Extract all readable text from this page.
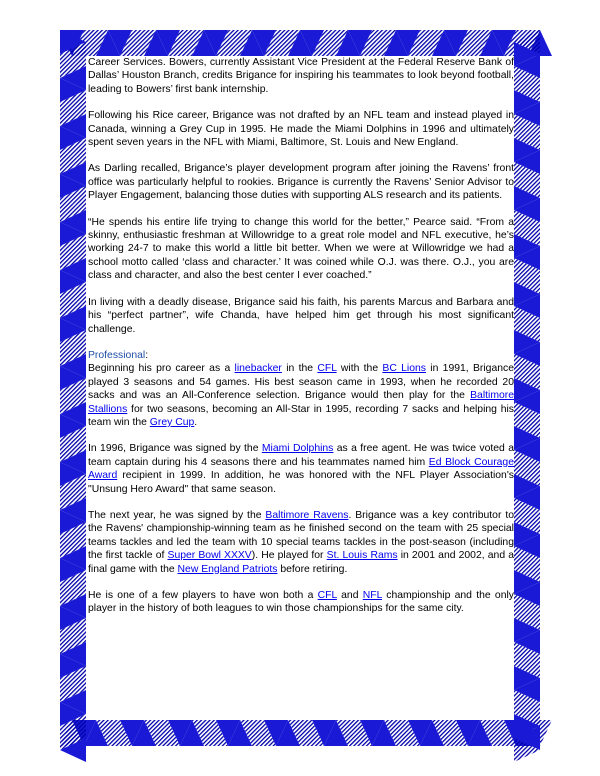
Career Services. Bowers, currently Assistant Vice President at the Federal Reserve Bank of Dallas’ Houston Branch, credits Brigance for inspiring his teammates to look beyond football, leading to Bowers’ first bank internship.

Following his Rice career, Brigance was not drafted by an NFL team and instead played in Canada, winning a Grey Cup in 1995. He made the Miami Dolphins in 1996 and ultimately spent seven years in the NFL with Miami, Baltimore, St. Louis and New England.

As Darling recalled, Brigance’s player development program after joining the Ravens’ front office was particularly helpful to rookies. Brigance is currently the Ravens’ Senior Advisor to Player Engagement, balancing those duties with supporting ALS research and its patients.

“He spends his entire life trying to change this world for the better,” Pearce said. “From a skinny, enthusiastic freshman at Willowridge to a great role model and NFL executive, he’s working 24-7 to make this world a little bit better. When we were at Willowridge we had a school motto called ‘class and character.’ It was coined while O.J. was there. O.J., you are class and character, and also the best center I ever coached.”

In living with a deadly disease, Brigance said his faith, his parents Marcus and Barbara and his “perfect partner”, wife Chanda, have helped him get through his most significant challenge.

Professional:

Beginning his pro career as a linebacker in the CFL with the BC Lions in 1991, Brigance played 3 seasons and 54 games. His best season came in 1993, when he recorded 20 sacks and was an All-Conference selection. Brigance would then play for the Baltimore Stallions for two seasons, becoming an All-Star in 1995, recording 7 sacks and helping his team win the Grey Cup.

In 1996, Brigance was signed by the Miami Dolphins as a free agent. He was twice voted a team captain during his 4 seasons there and his teammates named him Ed Block Courage Award recipient in 1999. In addition, he was honored with the NFL Player Association's "Unsung Hero Award" that same season.

The next year, he was signed by the Baltimore Ravens. Brigance was a key contributor to the Ravens' championship-winning team as he finished second on the team with 25 special teams tackles and led the team with 10 special teams tackles in the post-season (including the first tackle of Super Bowl XXXV). He played for St. Louis Rams in 2001 and 2002, and a final game with the New England Patriots before retiring.

He is one of a few players to have won both a CFL and NFL championship and the only player in the history of both leagues to win those championships for the same city.
